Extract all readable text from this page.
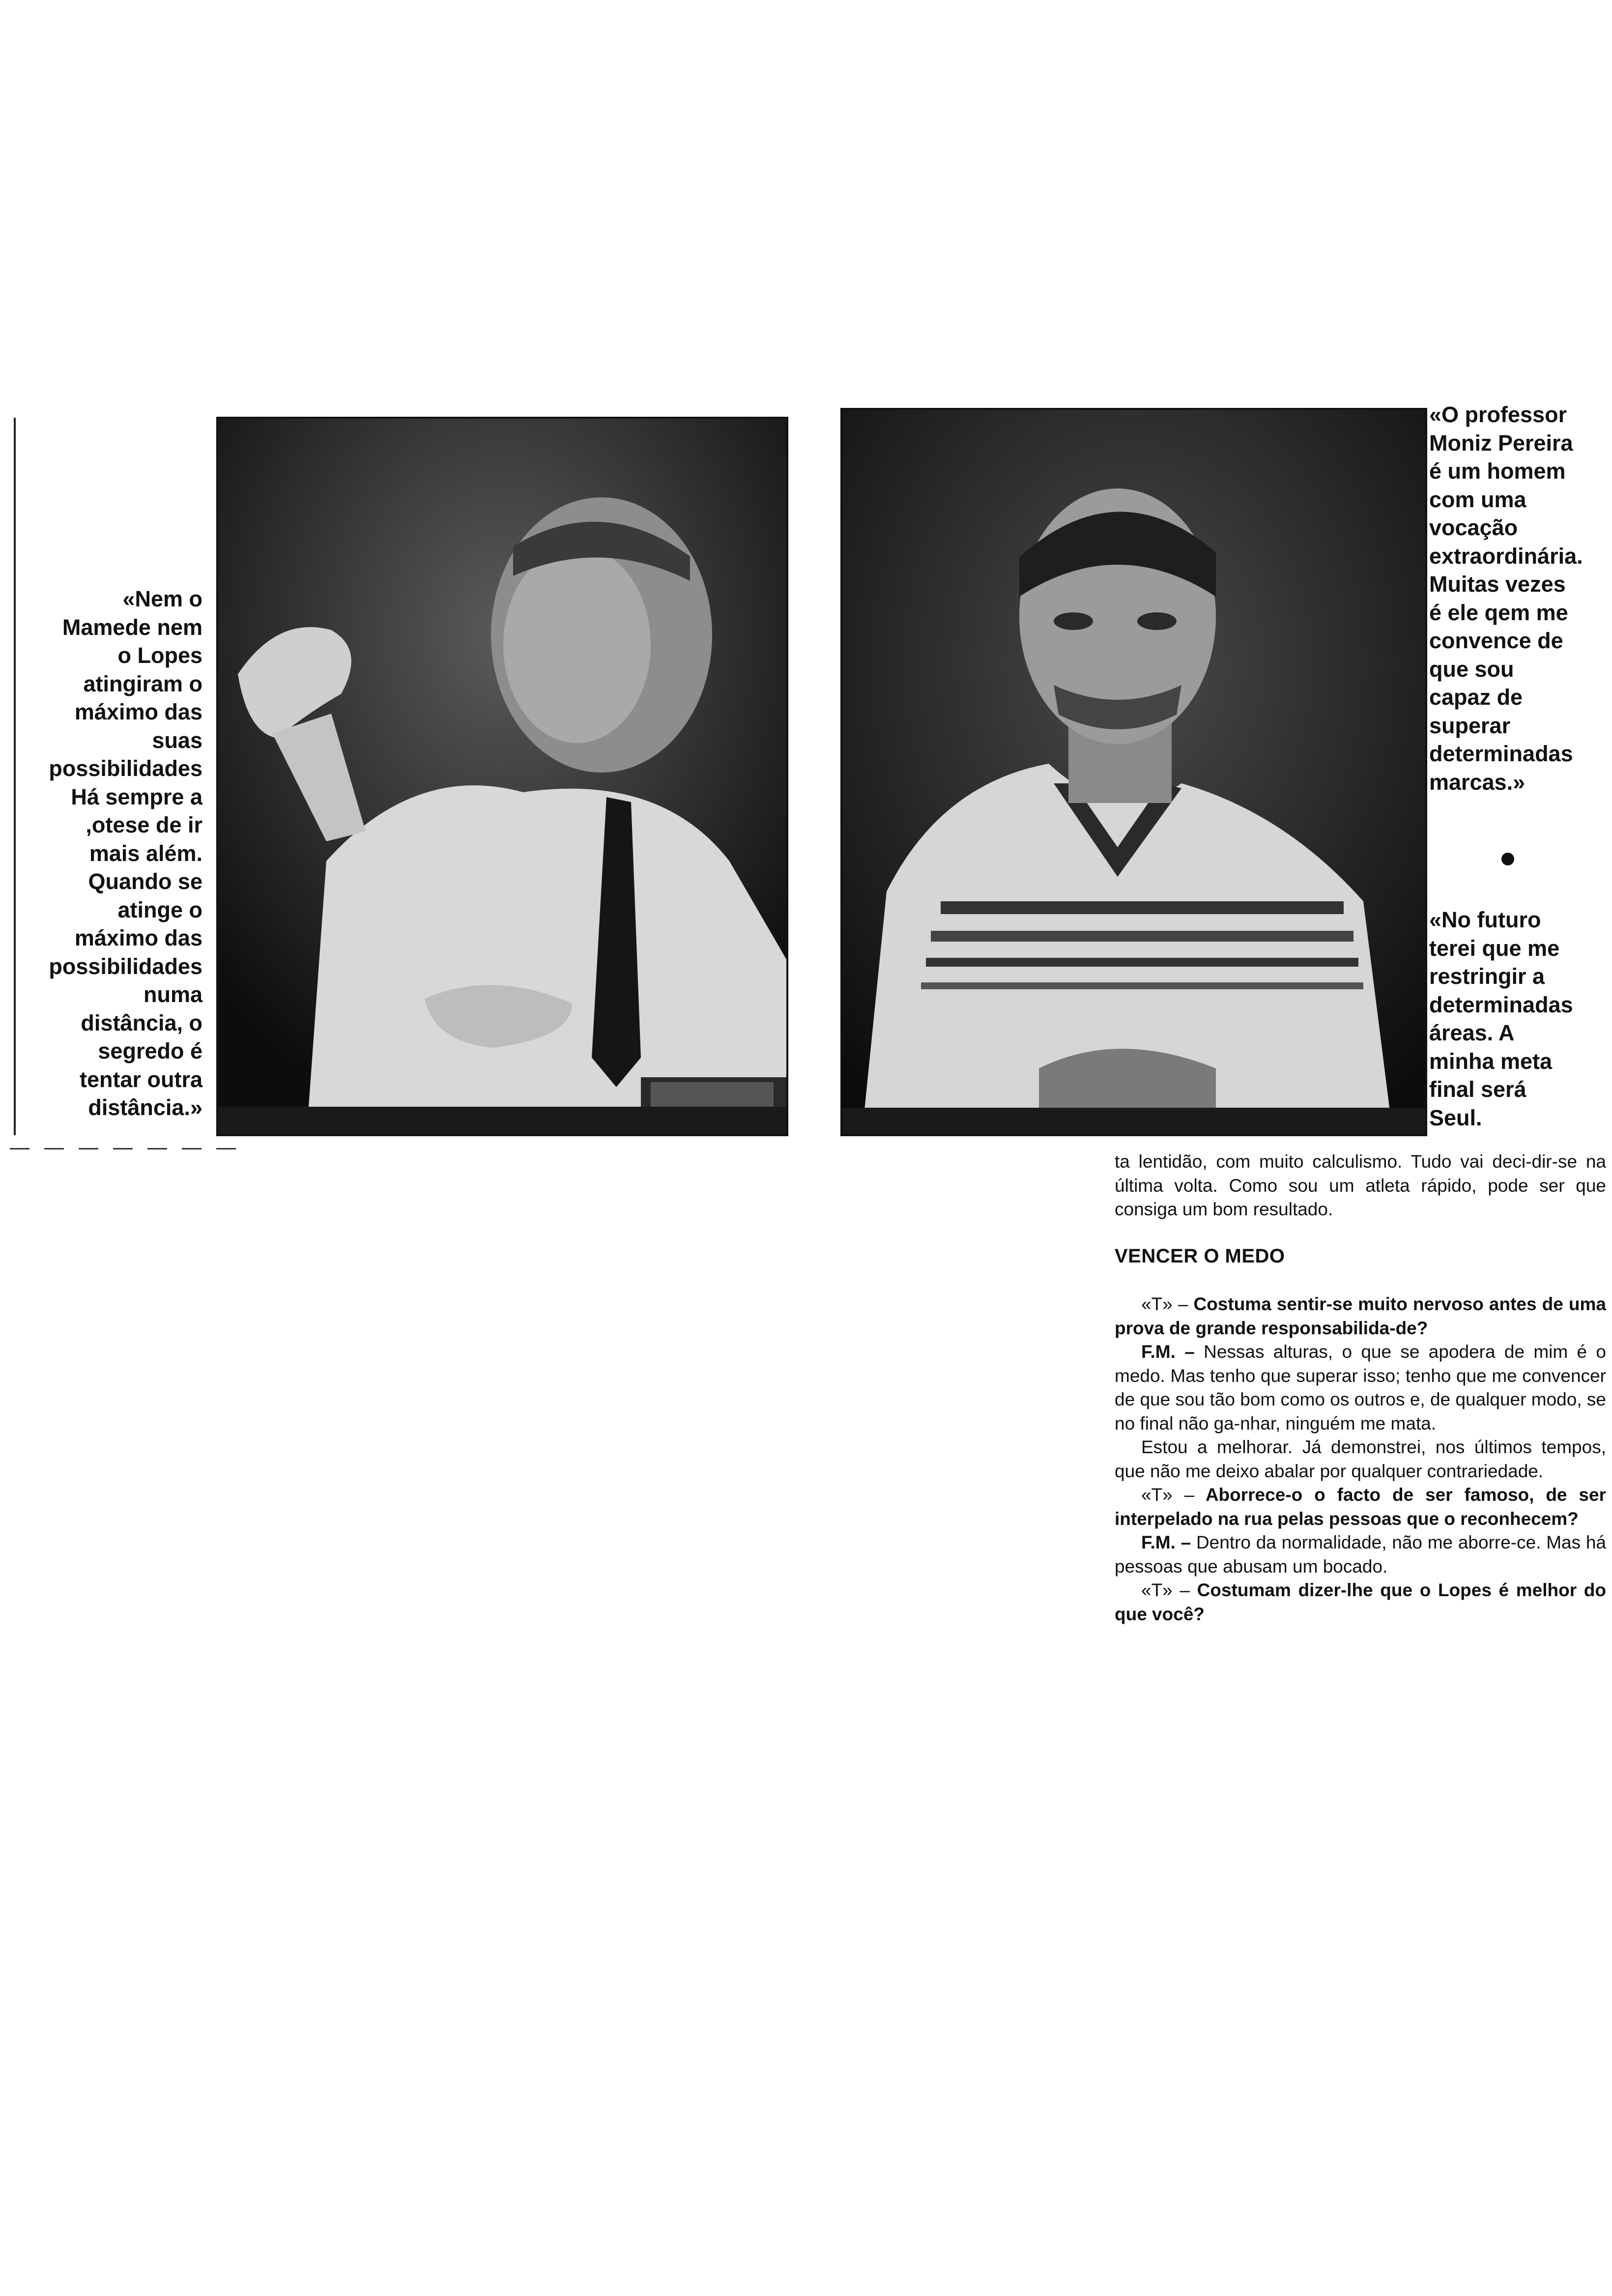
«Nem o
Mamede nem
o Lopes
atingiram o
máximo das
suas
possibilidades
Há sempre a
,otese de ir
mais além.
Quando se
atinge o
máximo das
possibilidades
numa
distância, o
segredo é
tentar outra
distância.»
«O professor
Moniz Pereira
é um homem
com uma
vocação
extraordinária.
Muitas vezes
é ele qem me
convence de
que sou
capaz de
superar
determinadas
marcas.»
«No futuro
terei que me
restringir a
determinadas
áreas. A
minha meta
final será
Seul.

ta lentidão, com muito calculismo. Tudo vai deci-dir-se na última volta. Como sou um atleta rápido, pode ser que consiga um bom resultado.

VENCER O MEDO

«T» – Costuma sentir-se muito nervoso antes de uma prova de grande responsabilida-de?

F.M. – Nessas alturas, o que se apodera de mim é o medo. Mas tenho que superar isso; tenho que me convencer de que sou tão bom como os outros e, de qualquer modo, se no final não ga-nhar, ninguém me mata.

Estou a melhorar. Já demonstrei, nos últimos tempos, que não me deixo abalar por qualquer contrariedade.

«T» – Aborrece-o o facto de ser famoso, de ser interpelado na rua pelas pessoas que o reconhecem?

F.M. – Dentro da normalidade, não me aborre-ce. Mas há pessoas que abusam um bocado.

«T» – Costumam dizer-lhe que o Lopes é melhor do que você?
